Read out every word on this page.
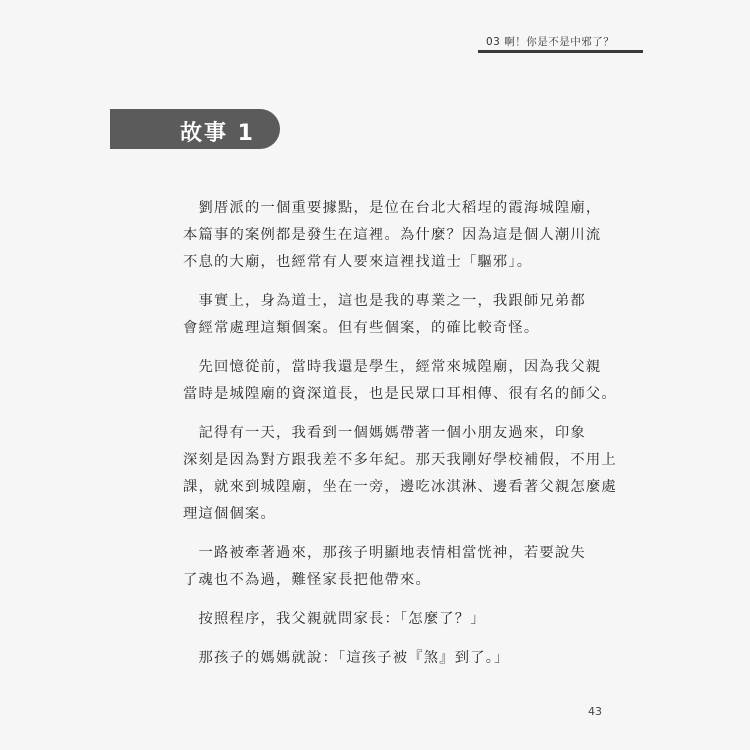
03 啊！你是不是中邪了？
故事 1

　劉厝派的一個重要據點，是位在台北大稻埕的霞海城隍廟，
本篇事的案例都是發生在這裡。為什麼？因為這是個人潮川流
不息的大廟，也經常有人要來這裡找道士「驅邪」。

　事實上，身為道士，這也是我的專業之一，我跟師兄弟都
會經常處理這類個案。但有些個案，的確比較奇怪。

　先回憶從前，當時我還是學生，經常來城隍廟，因為我父親
當時是城隍廟的資深道長，也是民眾口耳相傳、很有名的師父。

　記得有一天，我看到一個媽媽帶著一個小朋友過來，印象
深刻是因為對方跟我差不多年紀。那天我剛好學校補假，不用上
課，就來到城隍廟，坐在一旁，邊吃冰淇淋、邊看著父親怎麼處
理這個個案。

　一路被牽著過來，那孩子明顯地表情相當恍神，若要說失
了魂也不為過，難怪家長把他帶來。

　按照程序，我父親就問家長：「怎麼了？」

　那孩子的媽媽就說：「這孩子被『煞』到了。」

43
